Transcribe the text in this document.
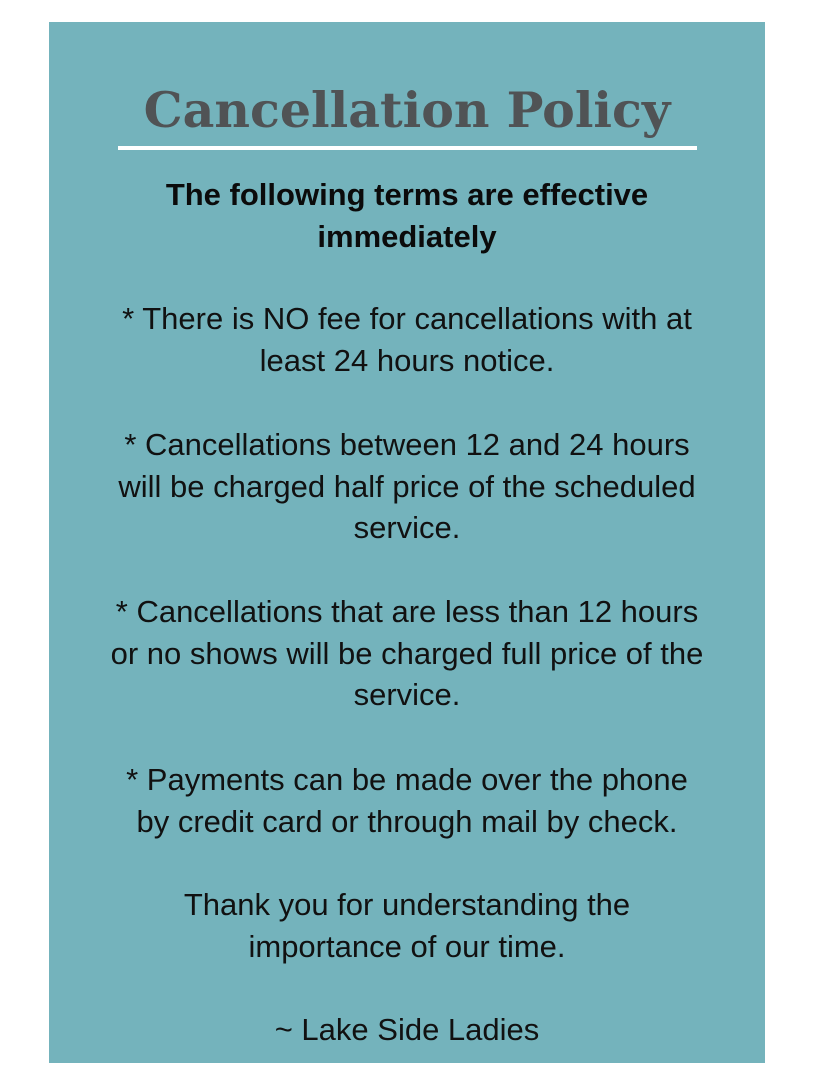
Cancellation Policy

The following terms are effective
immediately

* There is NO fee for cancellations with at
least 24 hours notice.

* Cancellations between 12 and 24 hours
will be charged half price of the scheduled
service.

* Cancellations that are less than 12 hours
or no shows will be charged full price of the
service.

* Payments can be made over the phone
by credit card or through mail by check.

Thank you for understanding the
importance of our time.

~ Lake Side Ladies
